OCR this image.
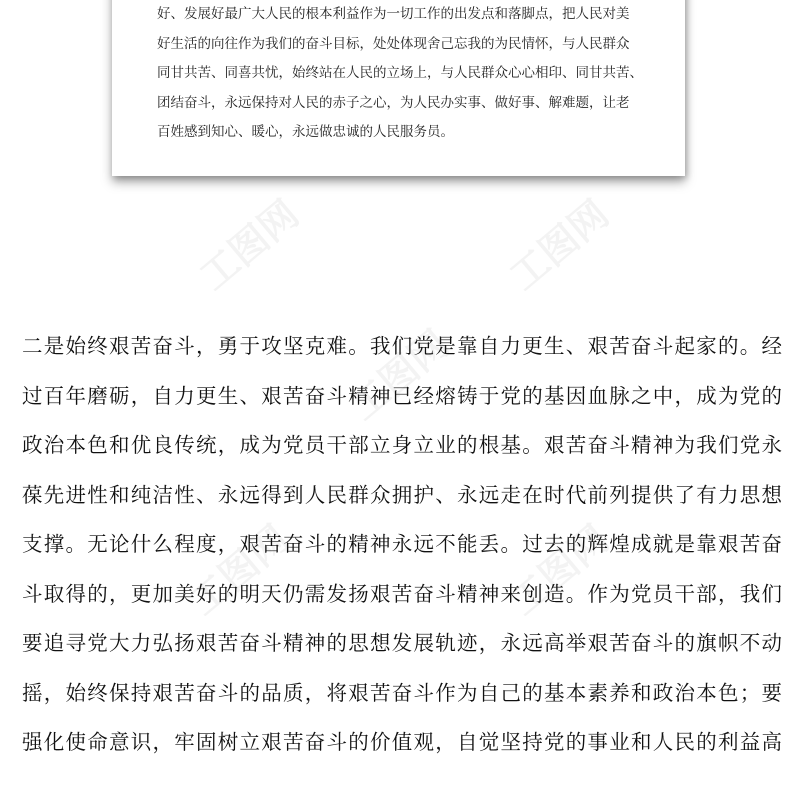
好、发展好最广大人民的根本利益作为一切工作的出发点和落脚点，把人民对美
好生活的向往作为我们的奋斗目标，处处体现舍己忘我的为民情怀，与人民群众
同甘共苦、同喜共忧，始终站在人民的立场上，与人民群众心心相印、同甘共苦、
团结奋斗，永远保持对人民的赤子之心，为人民办实事、做好事、解难题，让老
百姓感到知心、暖心，永远做忠诚的人民服务员。
工图网	工图网
工图网
工图网	工图网
二是始终艰苦奋斗，勇于攻坚克难。我们党是靠自力更生、艰苦奋斗起家的。经
过百年磨砺，自力更生、艰苦奋斗精神已经熔铸于党的基因血脉之中，成为党的
政治本色和优良传统，成为党员干部立身立业的根基。艰苦奋斗精神为我们党永
葆先进性和纯洁性、永远得到人民群众拥护、永远走在时代前列提供了有力思想
支撑。无论什么程度，艰苦奋斗的精神永远不能丢。过去的辉煌成就是靠艰苦奋
斗取得的，更加美好的明天仍需发扬艰苦奋斗精神来创造。作为党员干部，我们
要追寻党大力弘扬艰苦奋斗精神的思想发展轨迹，永远高举艰苦奋斗的旗帜不动
摇，始终保持艰苦奋斗的品质，将艰苦奋斗作为自己的基本素养和政治本色；要
强化使命意识，牢固树立艰苦奋斗的价值观，自觉坚持党的事业和人民的利益高
